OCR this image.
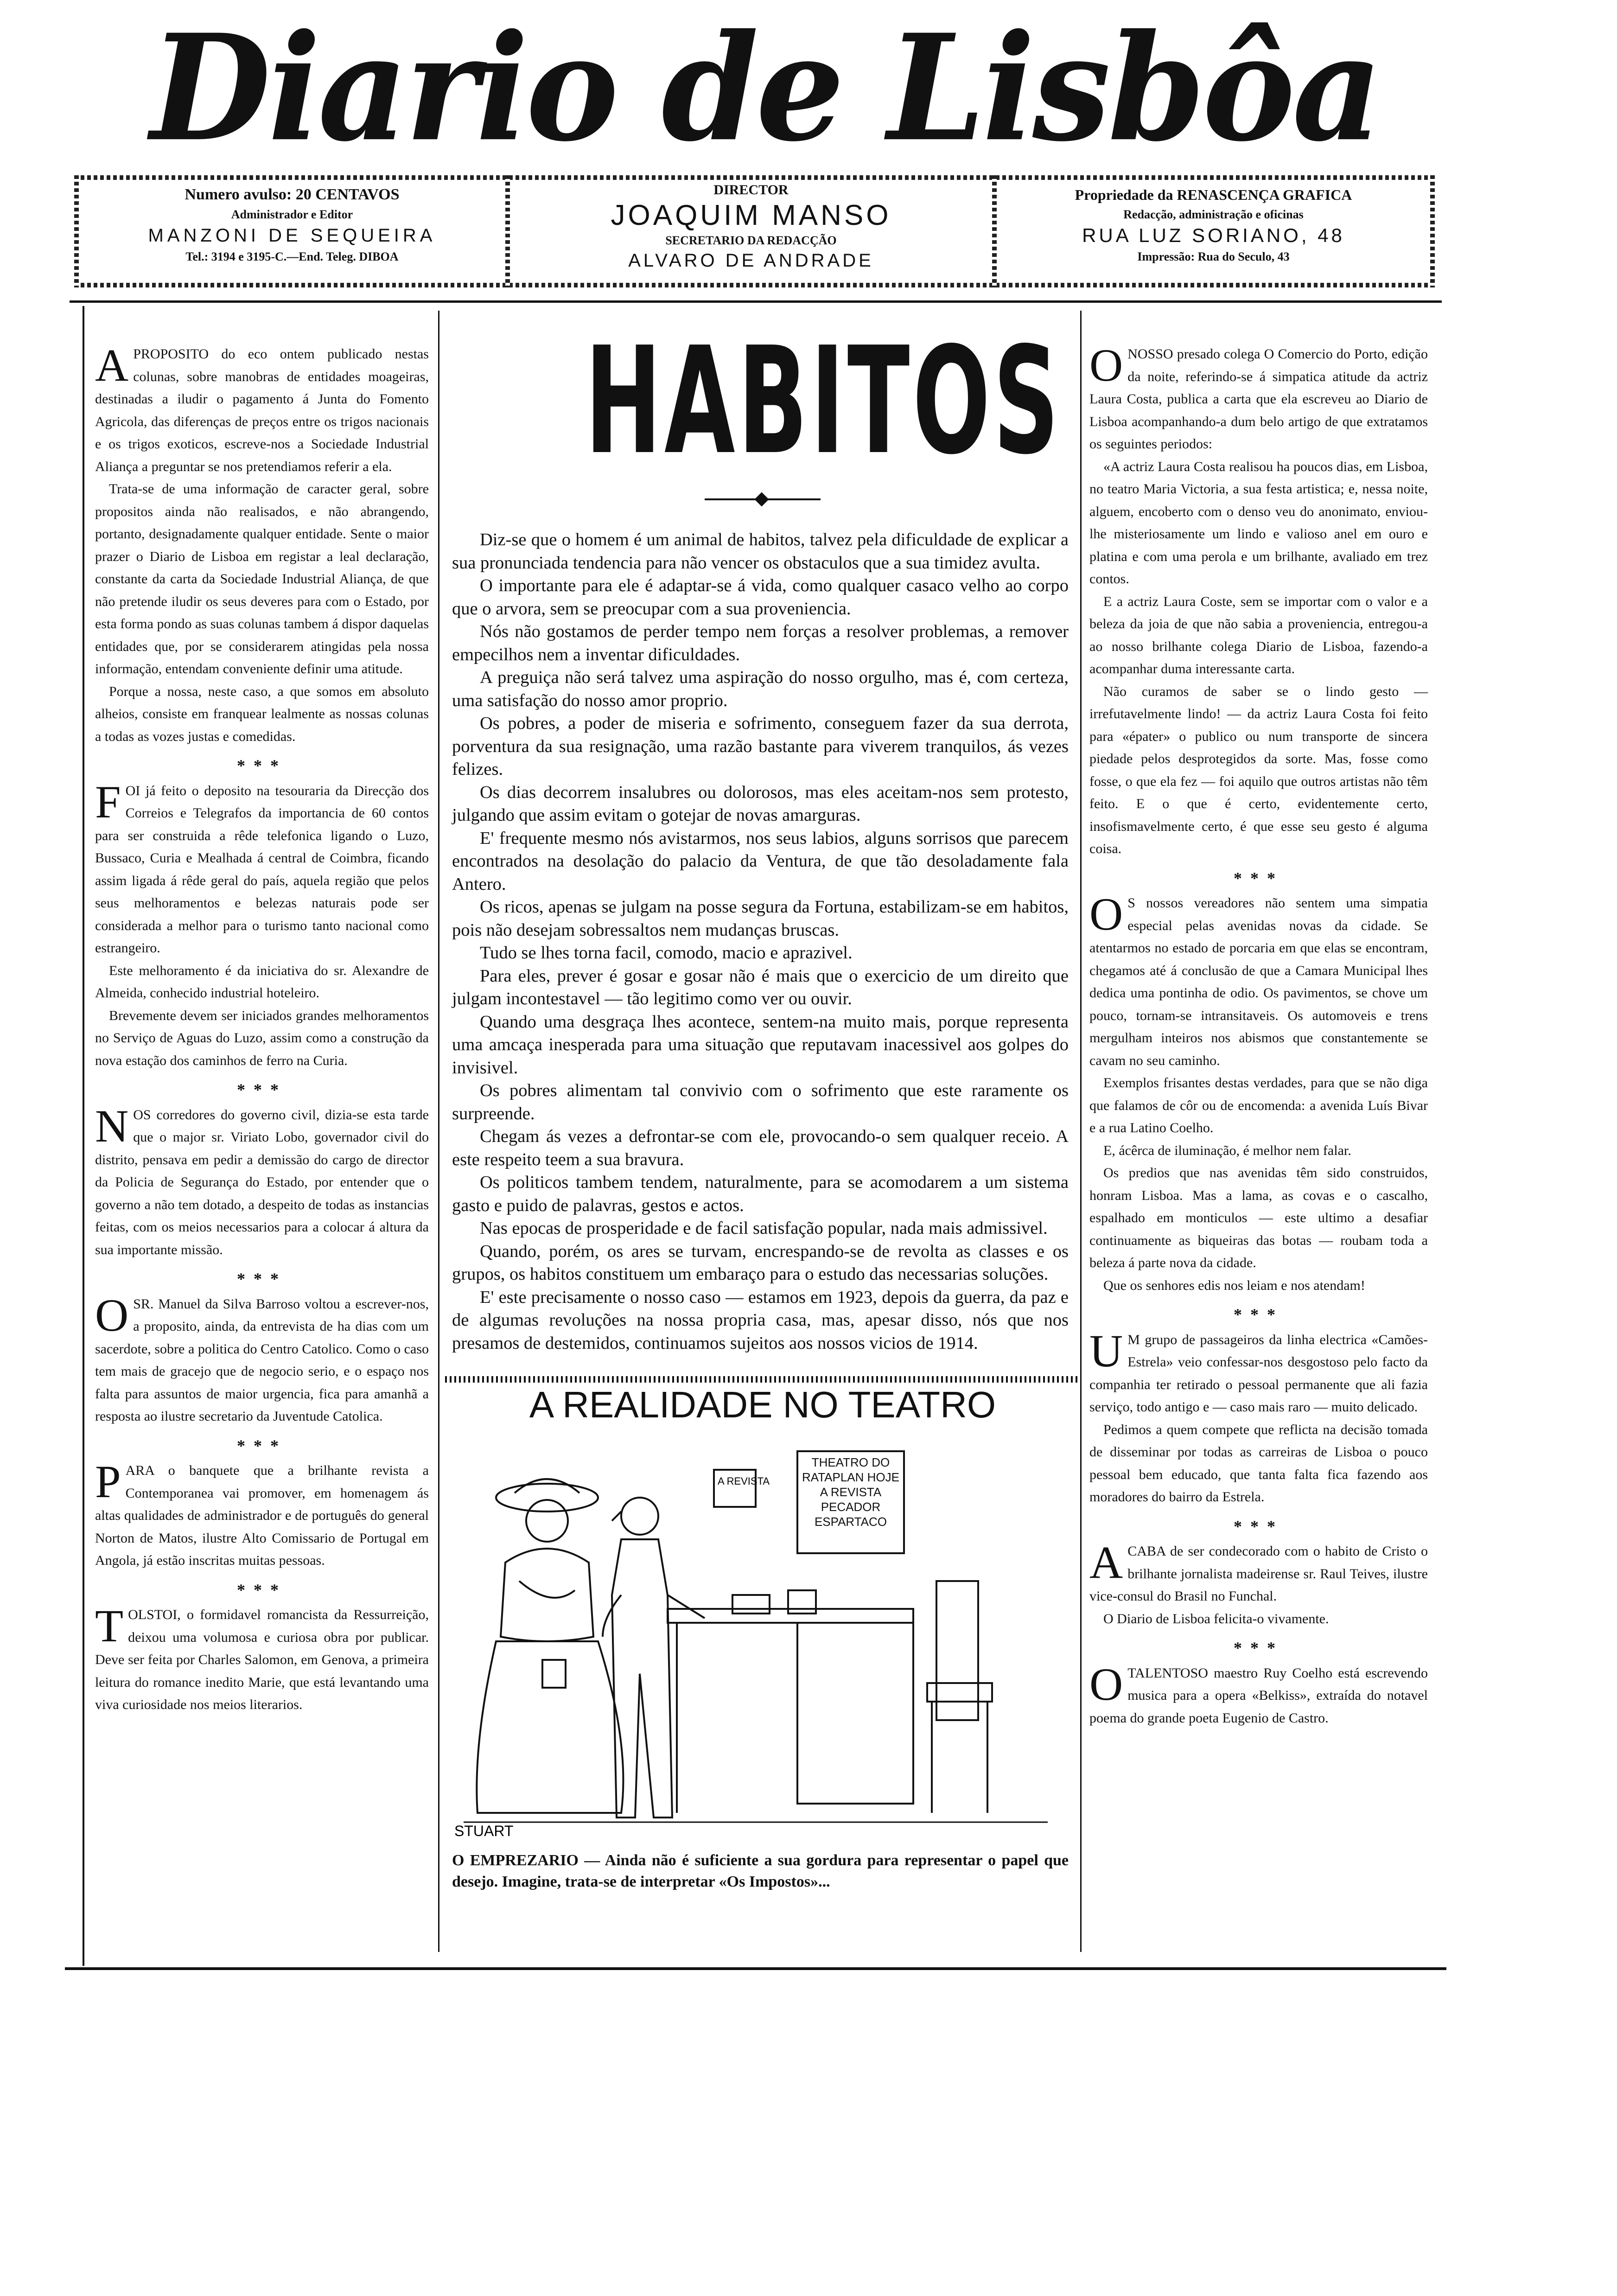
Diario de Lisbôa
Numero avulso: 20 CENTAVOS
Administrador e Editor
MANZONI DE SEQUEIRA
Tel.: 3194 e 3195-C.—End. Teleg. DIBOA
DIRECTOR
JOAQUIM MANSO
SECRETARIO DA REDACÇÃO
ALVARO DE ANDRADE
Propriedade da RENASCENÇA GRAFICA
Redacção, administração e oficinas
RUA LUZ SORIANO, 48
Impressão: Rua do Seculo, 43

APROPOSITO do eco ontem publicado nestas colunas, sobre manobras de entidades moageiras, destinadas a iludir o pagamento á Junta do Fomento Agricola, das diferenças de preços entre os trigos nacionais e os trigos exoticos, escreve-nos a Sociedade Industrial Aliança a preguntar se nos pretendiamos referir a ela.

Trata-se de uma informação de caracter geral, sobre propositos ainda não realisados, e não abrangendo, portanto, designadamente qualquer entidade. Sente o maior prazer o Diario de Lisboa em registar a leal declaração, constante da carta da Sociedade Industrial Aliança, de que não pretende iludir os seus deveres para com o Estado, por esta forma pondo as suas colunas tambem á dispor daquelas entidades que, por se considerarem atingidas pela nossa informação, entendam conveniente definir uma atitude.

Porque a nossa, neste caso, a que somos em absoluto alheios, consiste em franquear lealmente as nossas colunas a todas as vozes justas e comedidas.

***

FOI já feito o deposito na tesouraria da Direcção dos Correios e Telegrafos da importancia de 60 contos para ser construida a rêde telefonica ligando o Luzo, Bussaco, Curia e Mealhada á central de Coimbra, ficando assim ligada á rêde geral do país, aquela região que pelos seus melhoramentos e belezas naturais pode ser considerada a melhor para o turismo tanto nacional como estrangeiro.

Este melhoramento é da iniciativa do sr. Alexandre de Almeida, conhecido industrial hoteleiro.

Brevemente devem ser iniciados grandes melhoramentos no Serviço de Aguas do Luzo, assim como a construção da nova estação dos caminhos de ferro na Curia.

***

NOS corredores do governo civil, dizia-se esta tarde que o major sr. Viriato Lobo, governador civil do distrito, pensava em pedir a demissão do cargo de director da Policia de Segurança do Estado, por entender que o governo a não tem dotado, a despeito de todas as instancias feitas, com os meios necessarios para a colocar á altura da sua importante missão.

***

OSR. Manuel da Silva Barroso voltou a escrever-nos, a proposito, ainda, da entrevista de ha dias com um sacerdote, sobre a politica do Centro Catolico. Como o caso tem mais de gracejo que de negocio serio, e o espaço nos falta para assuntos de maior urgencia, fica para amanhã a resposta ao ilustre secretario da Juventude Catolica.

***

PARA o banquete que a brilhante revista a Contemporanea vai promover, em homenagem ás altas qualidades de administrador e de português do general Norton de Matos, ilustre Alto Comissario de Portugal em Angola, já estão inscritas muitas pessoas.

***

TOLSTOI, o formidavel romancista da Ressurreição, deixou uma volumosa e curiosa obra por publicar. Deve ser feita por Charles Salomon, em Genova, a primeira leitura do romance inedito Marie, que está levantando uma viva curiosidade nos meios literarios.

HABITOS

Diz-se que o homem é um animal de habitos, talvez pela dificuldade de explicar a sua pronunciada tendencia para não vencer os obstaculos que a sua timidez avulta.

O importante para ele é adaptar-se á vida, como qualquer casaco velho ao corpo que o arvora, sem se preocupar com a sua proveniencia.

Nós não gostamos de perder tempo nem forças a resolver problemas, a remover empecilhos nem a inventar dificuldades.

A preguiça não será talvez uma aspiração do nosso orgulho, mas é, com certeza, uma satisfação do nosso amor proprio.

Os pobres, a poder de miseria e sofrimento, conseguem fazer da sua derrota, porventura da sua resignação, uma razão bastante para viverem tranquilos, ás vezes felizes.

Os dias decorrem insalubres ou dolorosos, mas eles aceitam-nos sem protesto, julgando que assim evitam o gotejar de novas amarguras.

E' frequente mesmo nós avistarmos, nos seus labios, alguns sorrisos que parecem encontrados na desolação do palacio da Ventura, de que tão desoladamente fala Antero.

Os ricos, apenas se julgam na posse segura da Fortuna, estabilizam-se em habitos, pois não desejam sobressaltos nem mudanças bruscas.

Tudo se lhes torna facil, comodo, macio e aprazivel.

Para eles, prever é gosar e gosar não é mais que o exercicio de um direito que julgam incontestavel — tão legitimo como ver ou ouvir.

Quando uma desgraça lhes acontece, sentem-na muito mais, porque representa uma amcaça inesperada para uma situação que reputavam inacessivel aos golpes do invisivel.

Os pobres alimentam tal convivio com o sofrimento que este raramente os surpreende.

Chegam ás vezes a defrontar-se com ele, provocando-o sem qualquer receio. A este respeito teem a sua bravura.

Os politicos tambem tendem, naturalmente, para se acomodarem a um sistema gasto e puido de palavras, gestos e actos.

Nas epocas de prosperidade e de facil satisfação popular, nada mais admissivel.

Quando, porém, os ares se turvam, encrespando-se de revolta as classes e os grupos, os habitos constituem um embaraço para o estudo das necessarias soluções.

E' este precisamente o nosso caso — estamos em 1923, depois da guerra, da paz e de algumas revoluções na nossa propria casa, mas, apesar disso, nós que nos presamos de destemidos, continuamos sujeitos aos nossos vicios de 1914.

A REALIDADE NO TEATRO
A REVISTA
THEATRO DO RATAPLAN HOJE A REVISTA PECADOR ESPARTACO
STUART
O EMPREZARIO — Ainda não é suficiente a sua gordura para representar o papel que desejo. Imagine, trata-se de interpretar «Os Impostos»...

ONOSSO presado colega O Comercio do Porto, edição da noite, referindo-se á simpatica atitude da actriz Laura Costa, publica a carta que ela escreveu ao Diario de Lisboa acompanhando-a dum belo artigo de que extratamos os seguintes periodos:

«A actriz Laura Costa realisou ha poucos dias, em Lisboa, no teatro Maria Victoria, a sua festa artistica; e, nessa noite, alguem, encoberto com o denso veu do anonimato, enviou-lhe misteriosamente um lindo e valioso anel em ouro e platina e com uma perola e um brilhante, avaliado em trez contos.

E a actriz Laura Coste, sem se importar com o valor e a beleza da joia de que não sabia a proveniencia, entregou-a ao nosso brilhante colega Diario de Lisboa, fazendo-a acompanhar duma interessante carta.

Não curamos de saber se o lindo gesto — irrefutavelmente lindo! — da actriz Laura Costa foi feito para «épater» o publico ou num transporte de sincera piedade pelos desprotegidos da sorte. Mas, fosse como fosse, o que ela fez — foi aquilo que outros artistas não têm feito. E o que é certo, evidentemente certo, insofismavelmente certo, é que esse seu gesto é alguma coisa.

***

O S nossos vereadores não sentem uma simpatia especial pelas avenidas novas da cidade. Se atentarmos no estado de porcaria em que elas se encontram, chegamos até á conclusão de que a Camara Municipal lhes dedica uma pontinha de odio. Os pavimentos, se chove um pouco, tornam-se intransitaveis. Os automoveis e trens mergulham inteiros nos abismos que constantemente se cavam no seu caminho.

Exemplos frisantes destas verdades, para que se não diga que falamos de côr ou de encomenda: a avenida Luís Bivar e a rua Latino Coelho.

E, ácêrca de iluminação, é melhor nem falar.

Os predios que nas avenidas têm sido construidos, honram Lisboa. Mas a lama, as covas e o cascalho, espalhado em monticulos — este ultimo a desafiar continuamente as biqueiras das botas — roubam toda a beleza á parte nova da cidade.

Que os senhores edis nos leiam e nos atendam!

***

U M grupo de passageiros da linha electrica «Camões-Estrela» veio confessar-nos desgostoso pelo facto da companhia ter retirado o pessoal permanente que ali fazia serviço, todo antigo e — caso mais raro — muito delicado.

Pedimos a quem compete que reflicta na decisão tomada de disseminar por todas as carreiras de Lisboa o pouco pessoal bem educado, que tanta falta fica fazendo aos moradores do bairro da Estrela.

***

ACABA de ser condecorado com o habito de Cristo o brilhante jornalista madeirense sr. Raul Teives, ilustre vice-consul do Brasil no Funchal.

O Diario de Lisboa felicita-o vivamente.

***

OTALENTOSO maestro Ruy Coelho está escrevendo musica para a opera «Belkiss», extraída do notavel poema do grande poeta Eugenio de Castro.
